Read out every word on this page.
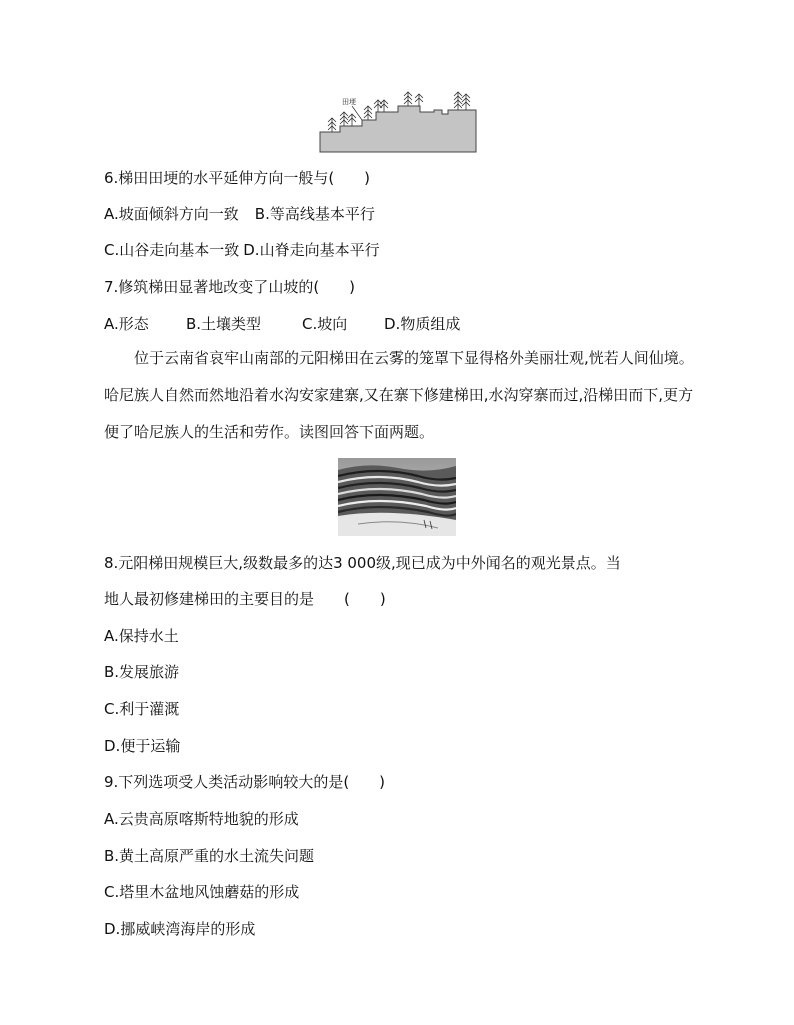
田埂
6.梯田田埂的水平延伸方向一般与(　　)
A.坡面倾斜方向一致 B.等高线基本平行
C.山谷走向基本一致 D.山脊走向基本平行
7.修筑梯田显著地改变了山坡的(　　)
A.形态 B.土壤类型	C.坡向 D.物质组成
位于云南省哀牢山南部的元阳梯田在云雾的笼罩下显得格外美丽壮观,恍若人间仙境。哈尼族人自然而然地沿着水沟安家建寨,又在寨下修建梯田,水沟穿寨而过,沿梯田而下,更方便了哈尼族人的生活和劳作。读图回答下面两题。
8.元阳梯田规模巨大,级数最多的达3 000级,现已成为中外闻名的观光景点。当
地人最初修建梯田的主要目的是　　(　　)
A.保持水土
B.发展旅游
C.利于灌溉
D.便于运输
9.下列选项受人类活动影响较大的是(　　)
A.云贵高原喀斯特地貌的形成
B.黄土高原严重的水土流失问题
C.塔里木盆地风蚀蘑菇的形成
D.挪威峡湾海岸的形成
